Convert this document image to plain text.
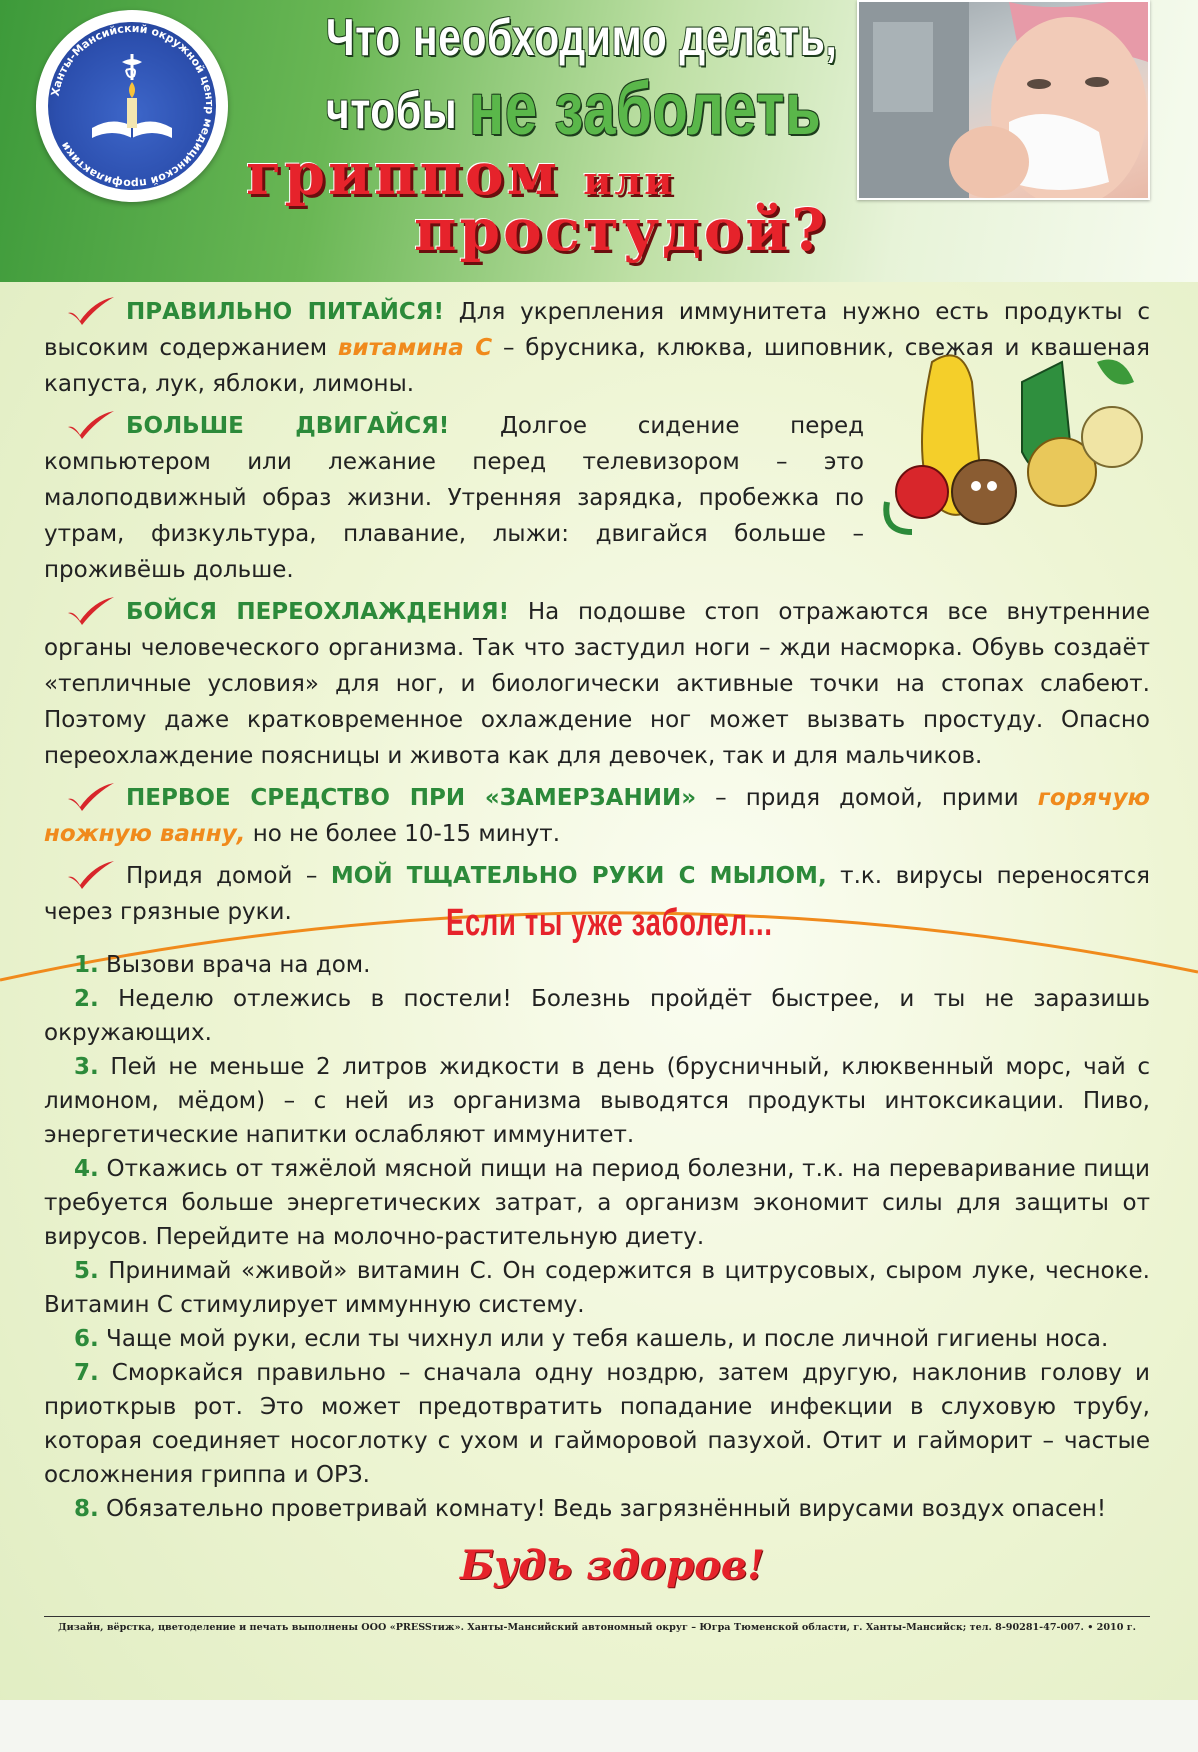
Ханты-Мансийский окружной центр медицинской профилактики
Что необходимо делать,
чтобы не заболеть
гриппом или
простудой?

ПРАВИЛЬНО ПИТАЙСЯ! Для укрепления иммунитета нужно есть продукты с высоким содержанием витамина С – брусника, клюква, шиповник, свежая и квашеная капуста, лук, яблоки, лимоны.

БОЛЬШЕ ДВИГАЙСЯ! Долгое сидение перед компьютером или лежание перед телевизором – это малоподвижный образ жизни. Утренняя зарядка, пробежка по утрам, физкультура, плавание, лыжи: двигайся больше – проживёшь дольше.

БОЙСЯ ПЕРЕОХЛАЖДЕНИЯ! На подошве стоп отражаются все внутренние органы человеческого организма. Так что застудил ноги – жди насморка. Обувь создаёт «тепличные условия» для ног, и биологически активные точки на стопах слабеют. Поэтому даже кратковременное охлаждение ног может вызвать простуду. Опасно переохлаждение поясницы и живота как для девочек, так и для мальчиков.

ПЕРВОЕ СРЕДСТВО ПРИ «ЗАМЕРЗАНИИ» – придя домой, прими горячую ножную ванну, но не более 10-15 минут.

Придя домой – МОЙ ТЩАТЕЛЬНО РУКИ С МЫЛОМ, т.к. вирусы переносятся через грязные руки.	Если ты уже заболел...

1. Вызови врача на дом.

2. Неделю отлежись в постели! Болезнь пройдёт быстрее, и ты не заразишь окружающих.

3. Пей не меньше 2 литров жидкости в день (брусничный, клюквенный морс, чай с лимоном, мёдом) – с ней из организма выводятся продукты интоксикации. Пиво, энергетические напитки ослабляют иммунитет.

4. Откажись от тяжёлой мясной пищи на период болезни, т.к. на переваривание пищи требуется больше энергетических затрат, а организм экономит силы для защиты от вирусов. Перейдите на молочно-растительную диету.

5. Принимай «живой» витамин С. Он содержится в цитрусовых, сыром луке, чесноке. Витамин С стимулирует иммунную систему.

6. Чаще мой руки, если ты чихнул или у тебя кашель, и после личной гигиены носа.

7. Сморкайся правильно – сначала одну ноздрю, затем другую, наклонив голову и приоткрыв рот. Это может предотвратить попадание инфекции в слуховую трубу, которая соединяет носоглотку с ухом и гайморовой пазухой. Отит и гайморит – частые осложнения гриппа и ОРЗ.

8. Обязательно проветривай комнату! Ведь загрязнённый вирусами воздух опасен!

Будь здоров!
Дизайн, вёрстка, цветоделение и печать выполнены ООО «PRESSтиж». Ханты-Мансийский автономный округ – Югра Тюменской области, г. Ханты-Мансийск; тел. 8-90281-47-007. • 2010 г.
